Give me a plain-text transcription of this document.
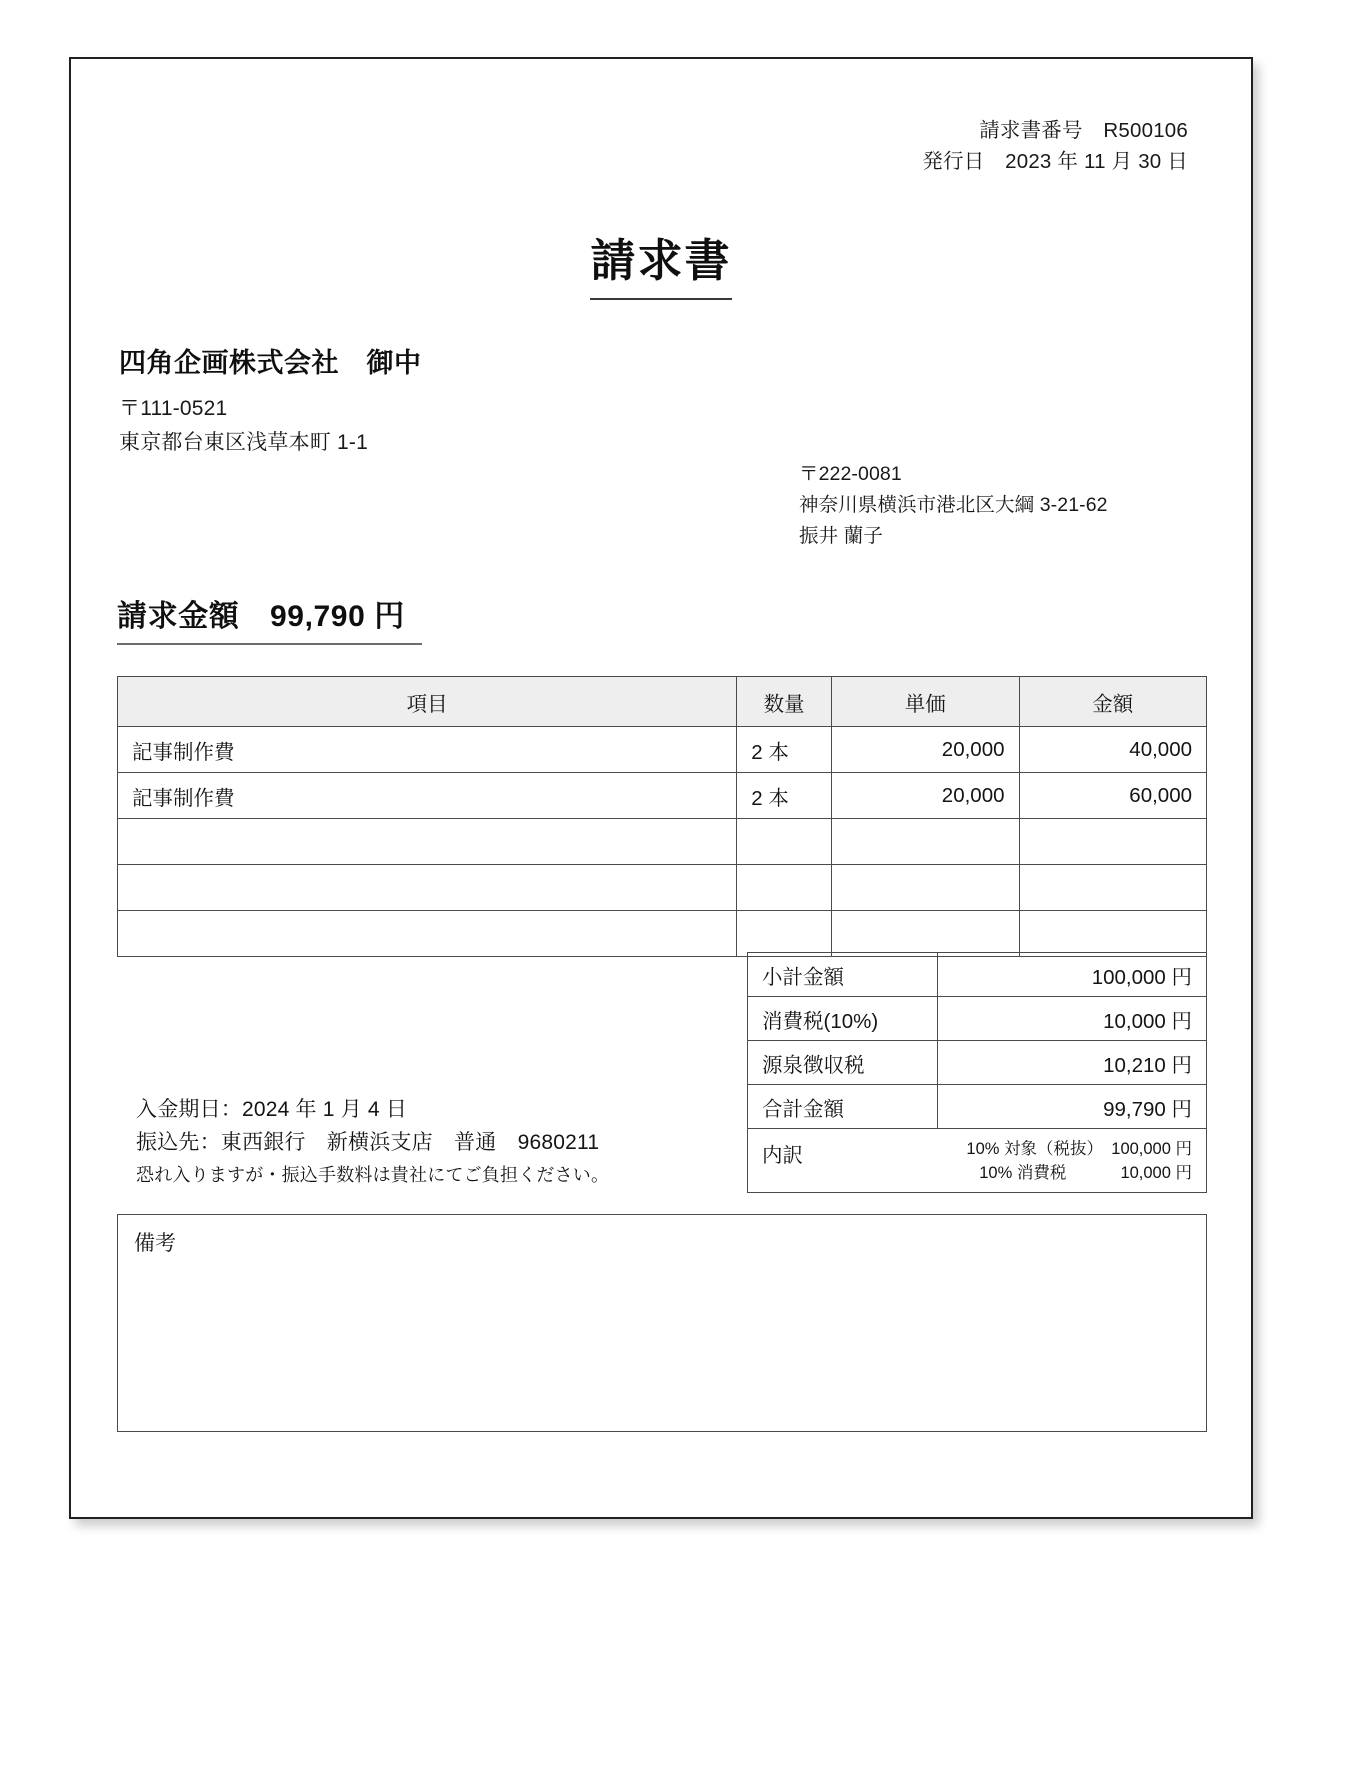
請求書番号　R500106
発行日　2023 年 11 月 30 日
請求書
四角企画株式会社　御中
〒111-0521
東京都台東区浅草本町 1-1
〒222-0081
神奈川県横浜市港北区大綱 3-21-62
振井 蘭子
請求金額　99,790 円
項目	数量	単価	金額
記事制作費	2 本	20,000	40,000
記事制作費	2 本	20,000	60,000

小計金額	100,000 円
消費税(10%)	10,000 円
源泉徴収税	10,210 円
合計金額	99,790 円

内訳 10% 対象（税抜）　100,000 円
10% 消費税　　　 10,000 円	
入金期日：2024 年 1 月 4 日
振込先：東西銀行　新横浜支店　普通　9680211
恐れ入りますが・振込手数料は貴社にてご負担ください。
備考
